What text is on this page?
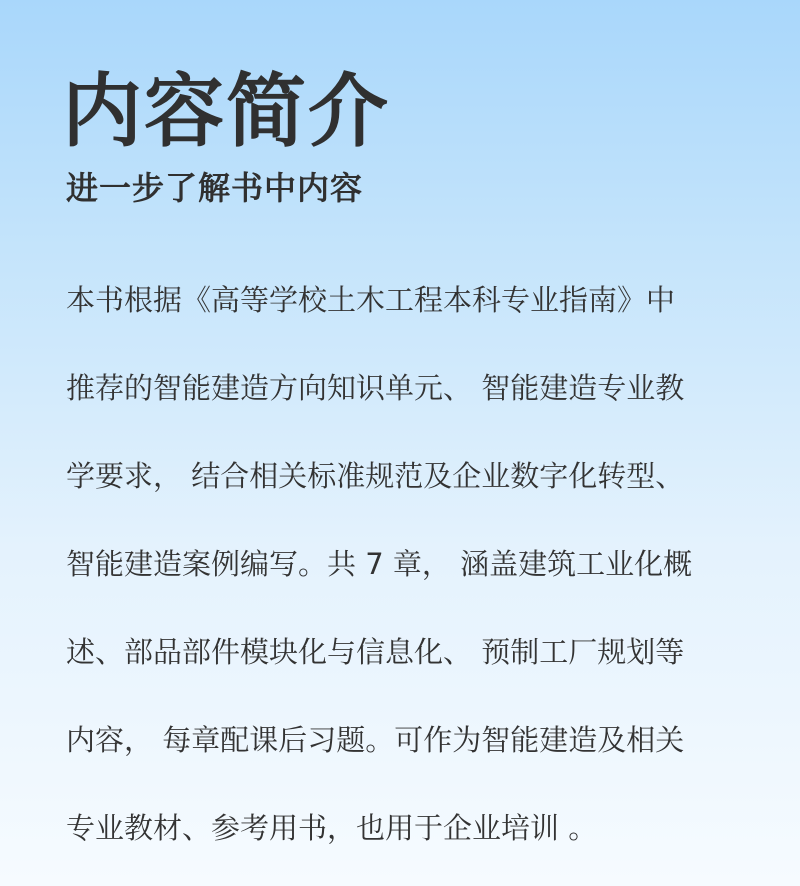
内容简介
进一步了解书中内容

本书根据《高等学校土木工程本科专业指南》中

推荐的智能建造方向知识单元、 智能建造专业教

学要求， 结合相关标准规范及企业数字化转型、

智能建造案例编写。共 7 章， 涵盖建筑工业化概

述、部品部件模块化与信息化、 预制工厂规划等

内容， 每章配课后习题。可作为智能建造及相关

专业教材、参考用书，也用于企业培训 。
